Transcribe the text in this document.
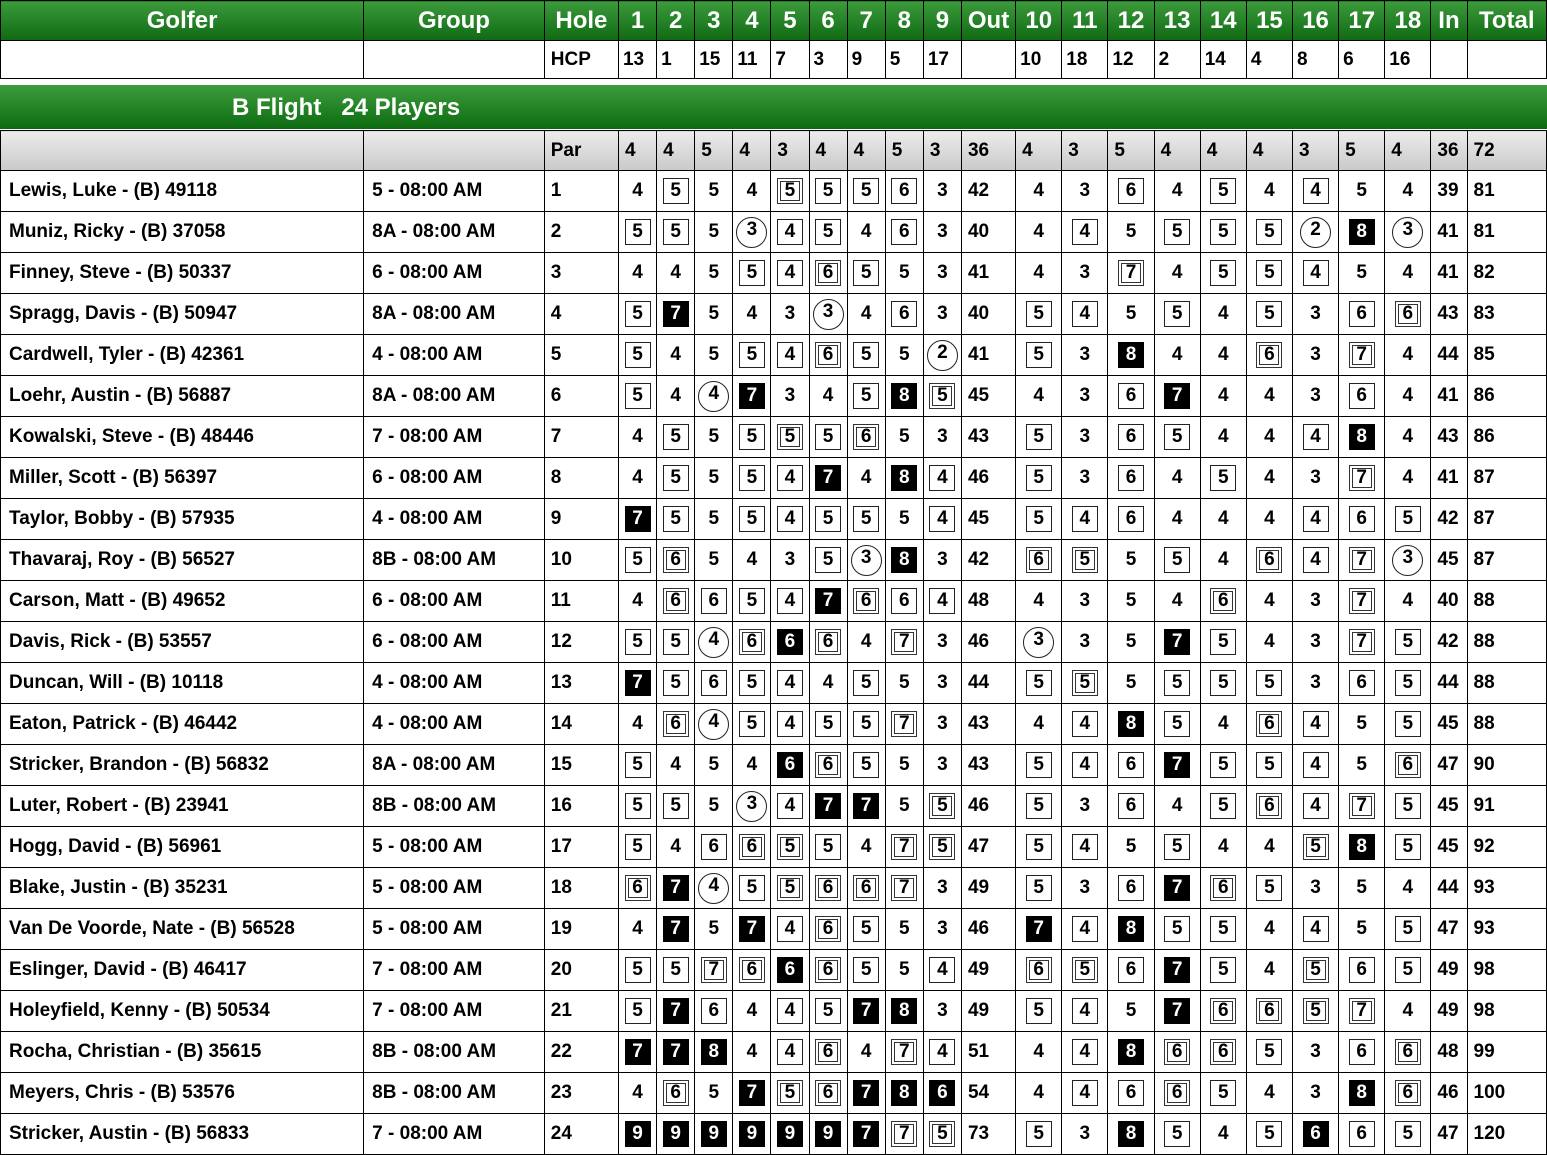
Golfer	Group	Hole	1	2	3	4	5	6	7	8	9	Out	10	11	12	13	14	15	16	17	18	In	Total
		HCP	13	1	15	11	7	3	9	5	17		10	18	12	2	14	4	8	6	16		
B Flight   24 Players
		Par	4	4	5	4	3	4	4	5	3	36	4	3	5	4	4	4	3	5	4	36	72
Lewis, Luke - (B) 49118	5 - 08:00 AM	1	4	5	5	4	5	5	5	6	3	42	4	3	6	4	5	4	4	5	4	39	81
Muniz, Ricky - (B) 37058	8A - 08:00 AM	2	5	5	5	3	4	5	4	6	3	40	4	4	5	5	5	5	2	8	3	41	81
Finney, Steve - (B) 50337	6 - 08:00 AM	3	4	4	5	5	4	6	5	5	3	41	4	3	7	4	5	5	4	5	4	41	82
Spragg, Davis - (B) 50947	8A - 08:00 AM	4	5	7	5	4	3	3	4	6	3	40	5	4	5	5	4	5	3	6	6	43	83
Cardwell, Tyler - (B) 42361	4 - 08:00 AM	5	5	4	5	5	4	6	5	5	2	41	5	3	8	4	4	6	3	7	4	44	85
Loehr, Austin - (B) 56887	8A - 08:00 AM	6	5	4	4	7	3	4	5	8	5	45	4	3	6	7	4	4	3	6	4	41	86
Kowalski, Steve - (B) 48446	7 - 08:00 AM	7	4	5	5	5	5	5	6	5	3	43	5	3	6	5	4	4	4	8	4	43	86
Miller, Scott - (B) 56397	6 - 08:00 AM	8	4	5	5	5	4	7	4	8	4	46	5	3	6	4	5	4	3	7	4	41	87
Taylor, Bobby - (B) 57935	4 - 08:00 AM	9	7	5	5	5	4	5	5	5	4	45	5	4	6	4	4	4	4	6	5	42	87
Thavaraj, Roy - (B) 56527	8B - 08:00 AM	10	5	6	5	4	3	5	3	8	3	42	6	5	5	5	4	6	4	7	3	45	87
Carson, Matt - (B) 49652	6 - 08:00 AM	11	4	6	6	5	4	7	6	6	4	48	4	3	5	4	6	4	3	7	4	40	88
Davis, Rick - (B) 53557	6 - 08:00 AM	12	5	5	4	6	6	6	4	7	3	46	3	3	5	7	5	4	3	7	5	42	88
Duncan, Will - (B) 10118	4 - 08:00 AM	13	7	5	6	5	4	4	5	5	3	44	5	5	5	5	5	5	3	6	5	44	88
Eaton, Patrick - (B) 46442	4 - 08:00 AM	14	4	6	4	5	4	5	5	7	3	43	4	4	8	5	4	6	4	5	5	45	88
Stricker, Brandon - (B) 56832	8A - 08:00 AM	15	5	4	5	4	6	6	5	5	3	43	5	4	6	7	5	5	4	5	6	47	90
Luter, Robert - (B) 23941	8B - 08:00 AM	16	5	5	5	3	4	7	7	5	5	46	5	3	6	4	5	6	4	7	5	45	91
Hogg, David - (B) 56961	5 - 08:00 AM	17	5	4	6	6	5	5	4	7	5	47	5	4	5	5	4	4	5	8	5	45	92
Blake, Justin - (B) 35231	5 - 08:00 AM	18	6	7	4	5	5	6	6	7	3	49	5	3	6	7	6	5	3	5	4	44	93
Van De Voorde, Nate - (B) 56528	5 - 08:00 AM	19	4	7	5	7	4	6	5	5	3	46	7	4	8	5	5	4	4	5	5	47	93
Eslinger, David - (B) 46417	7 - 08:00 AM	20	5	5	7	6	6	6	5	5	4	49	6	5	6	7	5	4	5	6	5	49	98
Holeyfield, Kenny - (B) 50534	7 - 08:00 AM	21	5	7	6	4	4	5	7	8	3	49	5	4	5	7	6	6	5	7	4	49	98
Rocha, Christian - (B) 35615	8B - 08:00 AM	22	7	7	8	4	4	6	4	7	4	51	4	4	8	6	6	5	3	6	6	48	99
Meyers, Chris - (B) 53576	8B - 08:00 AM	23	4	6	5	7	5	6	7	8	6	54	4	4	6	6	5	4	3	8	6	46	100
Stricker, Austin - (B) 56833	7 - 08:00 AM	24	9	9	9	9	9	9	7	7	5	73	5	3	8	5	4	5	6	6	5	47	120
